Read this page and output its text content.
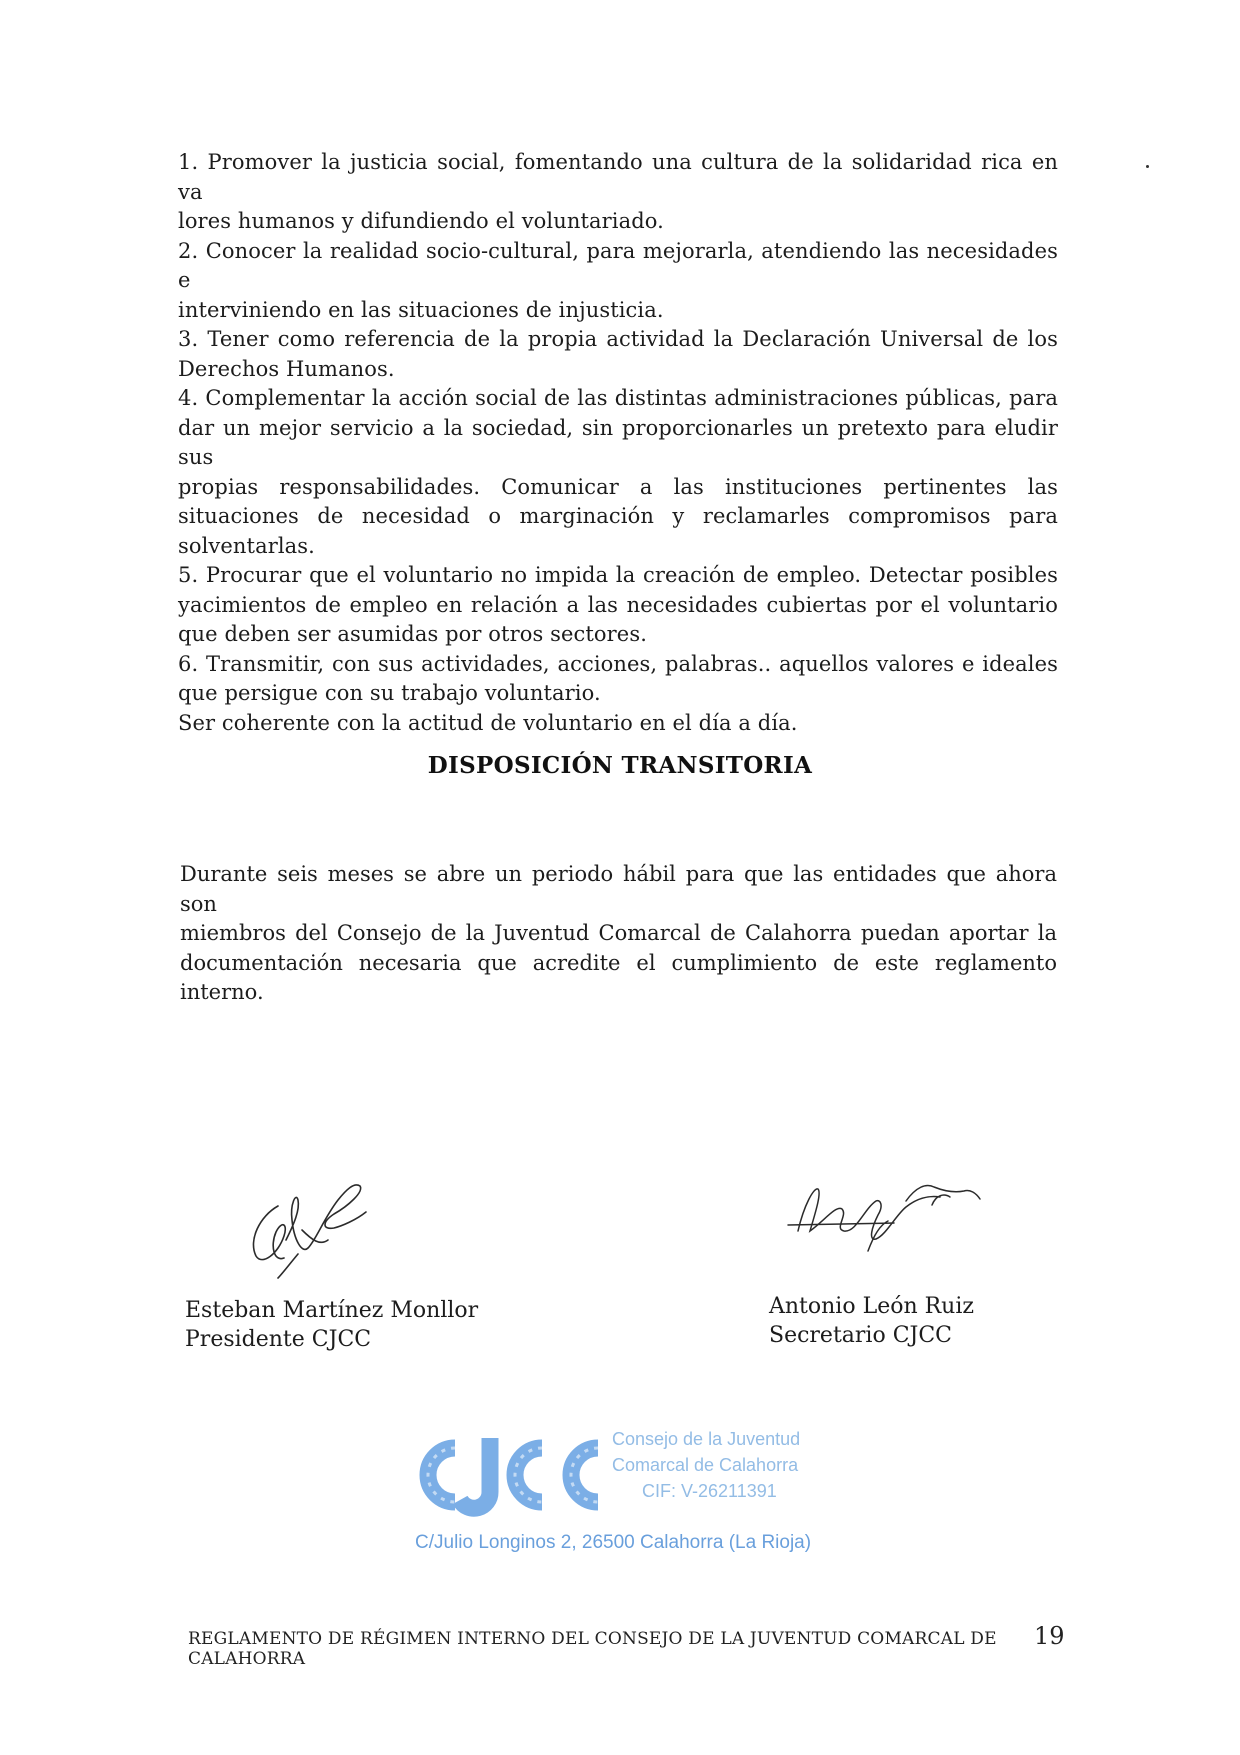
1. Promover la justicia social, fomentando una cultura de la solidaridad rica en va

lores humanos y difundiendo el voluntariado.

2. Conocer la realidad socio-cultural, para mejorarla, atendiendo las necesidades e

interviniendo en las situaciones de injusticia.

3. Tener como referencia de la propia actividad la Declaración Universal de los

Derechos Humanos.

4. Complementar la acción social de las distintas administraciones públicas, para

dar un mejor servicio a la sociedad, sin proporcionarles un pretexto para eludir sus

propias responsabilidades. Comunicar a las instituciones pertinentes las

situaciones de necesidad o marginación y reclamarles compromisos para

solventarlas.

5. Procurar que el voluntario no impida la creación de empleo. Detectar posibles

yacimientos de empleo en relación a las necesidades cubiertas por el voluntario

que deben ser asumidas por otros sectores.

6. Transmitir, con sus actividades, acciones, palabras.. aquellos valores e ideales

que persigue con su trabajo voluntario.

Ser coherente con la actitud de voluntario en el día a día.

DISPOSICIÓN TRANSITORIA

Durante seis meses se abre un periodo hábil para que las entidades que ahora son

miembros del Consejo de la Juventud Comarcal de Calahorra puedan aportar la

documentación necesaria que acredite el cumplimiento de este reglamento

interno.

Esteban Martínez Monllor
Presidente CJCC
Antonio León Ruiz
Secretario CJCC
Consejo de la Juventud
Comarcal de Calahorra
CIF: V-26211391
C/Julio Longinos 2, 26500 Calahorra (La Rioja)
REGLAMENTO DE RÉGIMEN INTERNO DEL CONSEJO DE LA JUVENTUD COMARCAL DE CALAHORRA
19
